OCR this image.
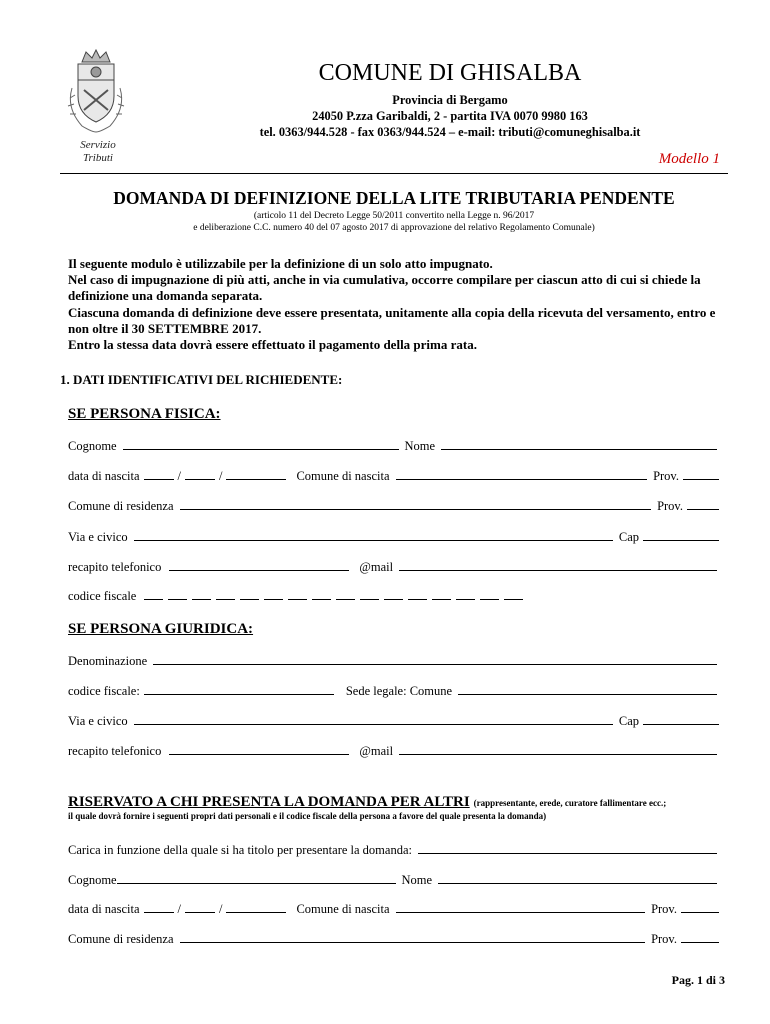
Servizio
Tributi
COMUNE DI GHISALBA
Provincia di Bergamo
24050 P.zza Garibaldi, 2 - partita IVA 0070 9980 163
tel. 0363/944.528 - fax 0363/944.524 – e-mail: tributi@comuneghisalba.it
Modello 1
DOMANDA DI DEFINIZIONE DELLA LITE TRIBUTARIA PENDENTE
(articolo 11 del Decreto Legge 50/2011 convertito nella Legge n. 96/2017
e deliberazione C.C. numero 40 del 07 agosto 2017 di approvazione del relativo Regolamento Comunale)

Il seguente modulo è utilizzabile per la definizione di un solo atto impugnato.

Nel caso di impugnazione di più atti, anche in via cumulativa, occorre compilare per ciascun atto di cui si chiede la definizione una domanda separata.

Ciascuna domanda di definizione deve essere presentata, unitamente alla copia della ricevuta del versamento, entro e non oltre il 30 SETTEMBRE 2017.

Entro la stessa data dovrà essere effettuato il pagamento della prima rata.

1. DATI IDENTIFICATIVI DEL RICHIEDENTE:
SE PERSONA FISICA:
Cognome	Nome
data di nascita	/	/	Comune di nascita	Prov.
Comune di residenza	Prov.
Via e civico	Cap
recapito telefonico	@mail
codice fiscale
SE PERSONA GIURIDICA:
Denominazione
codice fiscale:	Sede legale: Comune
Via e civico	Cap
recapito telefonico	@mail
RISERVATO A CHI PRESENTA LA DOMANDA PER ALTRI (rappresentante, erede, curatore fallimentare ecc.;
il quale dovrà fornire i seguenti propri dati personali e il codice fiscale della persona a favore del quale presenta la domanda)
Carica in funzione della quale si ha titolo per presentare la domanda:
Cognome	Nome
data di nascita	/	/	Comune di nascita	Prov.
Comune di residenza	Prov.
Pag. 1 di 3
